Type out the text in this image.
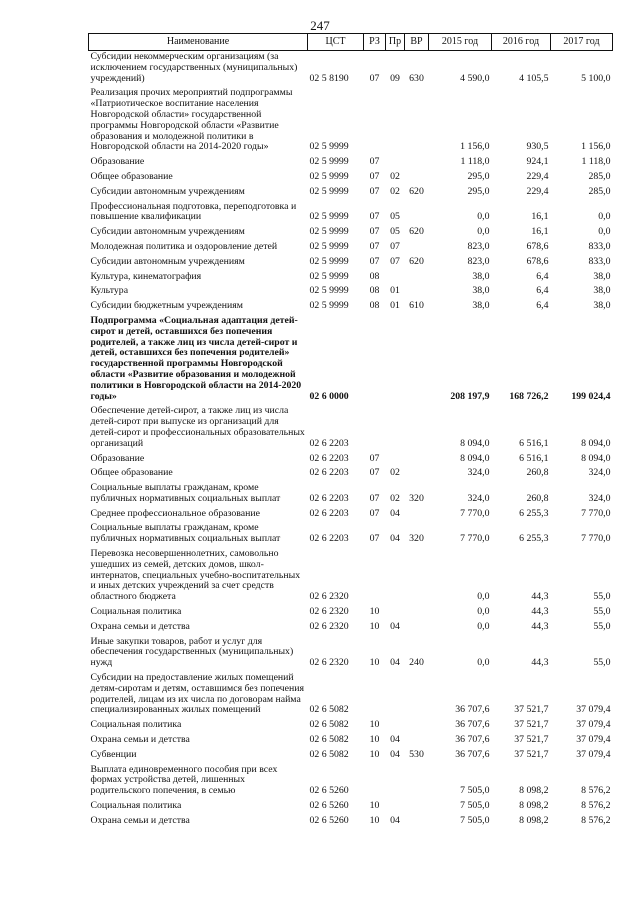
247
Наименование	ЦСТ	РЗ	Пр	ВР	2015 год	2016 год	2017 год
Субсидии некоммерческим организациям (за исключением государственных (муниципальных) учреждений)	02 5 8190	07	09	630	4 590,0	4 105,5	5 100,0
Реализация прочих мероприятий подпрограммы «Патриотическое воспитание населения Новгородской области» государственной программы Новгородской области «Развитие образования и молодежной политики в Новгородской области на 2014-2020 годы»	02 5 9999				1 156,0	930,5	1 156,0
Образование	02 5 9999	07			1 118,0	924,1	1 118,0
Общее образование	02 5 9999	07	02		295,0	229,4	285,0
Субсидии автономным учреждениям	02 5 9999	07	02	620	295,0	229,4	285,0
Профессиональная подготовка, переподготовка и повышение квалификации	02 5 9999	07	05		0,0	16,1	0,0
Субсидии автономным учреждениям	02 5 9999	07	05	620	0,0	16,1	0,0
Молодежная политика и оздоровление детей	02 5 9999	07	07		823,0	678,6	833,0
Субсидии автономным учреждениям	02 5 9999	07	07	620	823,0	678,6	833,0
Культура, кинематография	02 5 9999	08			38,0	6,4	38,0
Культура	02 5 9999	08	01		38,0	6,4	38,0
Субсидии бюджетным учреждениям	02 5 9999	08	01	610	38,0	6,4	38,0
Подпрограмма «Социальная адаптация детей-сирот и детей, оставшихся без попечения родителей, а также лиц из числа детей-сирот и детей, оставшихся без попечения родителей» государственной программы Новгородской области «Развитие образования и молодежной политики в Новгородской области на 2014-2020 годы»	02 6 0000				208 197,9	168 726,2	199 024,4
Обеспечение детей-сирот, а также лиц из числа детей-сирот при выпуске из организаций для детей-сирот и профессиональных образовательных организаций	02 6 2203				8 094,0	6 516,1	8 094,0
Образование	02 6 2203	07			8 094,0	6 516,1	8 094,0
Общее образование	02 6 2203	07	02		324,0	260,8	324,0
Социальные выплаты гражданам, кроме публичных нормативных социальных выплат	02 6 2203	07	02	320	324,0	260,8	324,0
Среднее профессиональное образование	02 6 2203	07	04		7 770,0	6 255,3	7 770,0
Социальные выплаты гражданам, кроме публичных нормативных социальных выплат	02 6 2203	07	04	320	7 770,0	6 255,3	7 770,0
Перевозка несовершеннолетних, самовольно ушедших из семей, детских домов, школ-интернатов, специальных учебно-воспитательных и иных детских учреждений за счет средств областного бюджета	02 6 2320				0,0	44,3	55,0
Социальная политика	02 6 2320	10			0,0	44,3	55,0
Охрана семьи и детства	02 6 2320	10	04		0,0	44,3	55,0
Иные закупки товаров, работ и услуг для обеспечения государственных (муниципальных) нужд	02 6 2320	10	04	240	0,0	44,3	55,0
Субсидии на предоставление жилых помещений детям-сиротам и детям, оставшимся без попечения родителей, лицам из их числа по договорам найма специализированных жилых помещений	02 6 5082				36 707,6	37 521,7	37 079,4
Социальная политика	02 6 5082	10			36 707,6	37 521,7	37 079,4
Охрана семьи и детства	02 6 5082	10	04		36 707,6	37 521,7	37 079,4
Субвенции	02 6 5082	10	04	530	36 707,6	37 521,7	37 079,4
Выплата единовременного пособия при всех формах устройства детей, лишенных родительского попечения, в семью	02 6 5260				7 505,0	8 098,2	8 576,2
Социальная политика	02 6 5260	10			7 505,0	8 098,2	8 576,2
Охрана семьи и детства	02 6 5260	10	04		7 505,0	8 098,2	8 576,2
